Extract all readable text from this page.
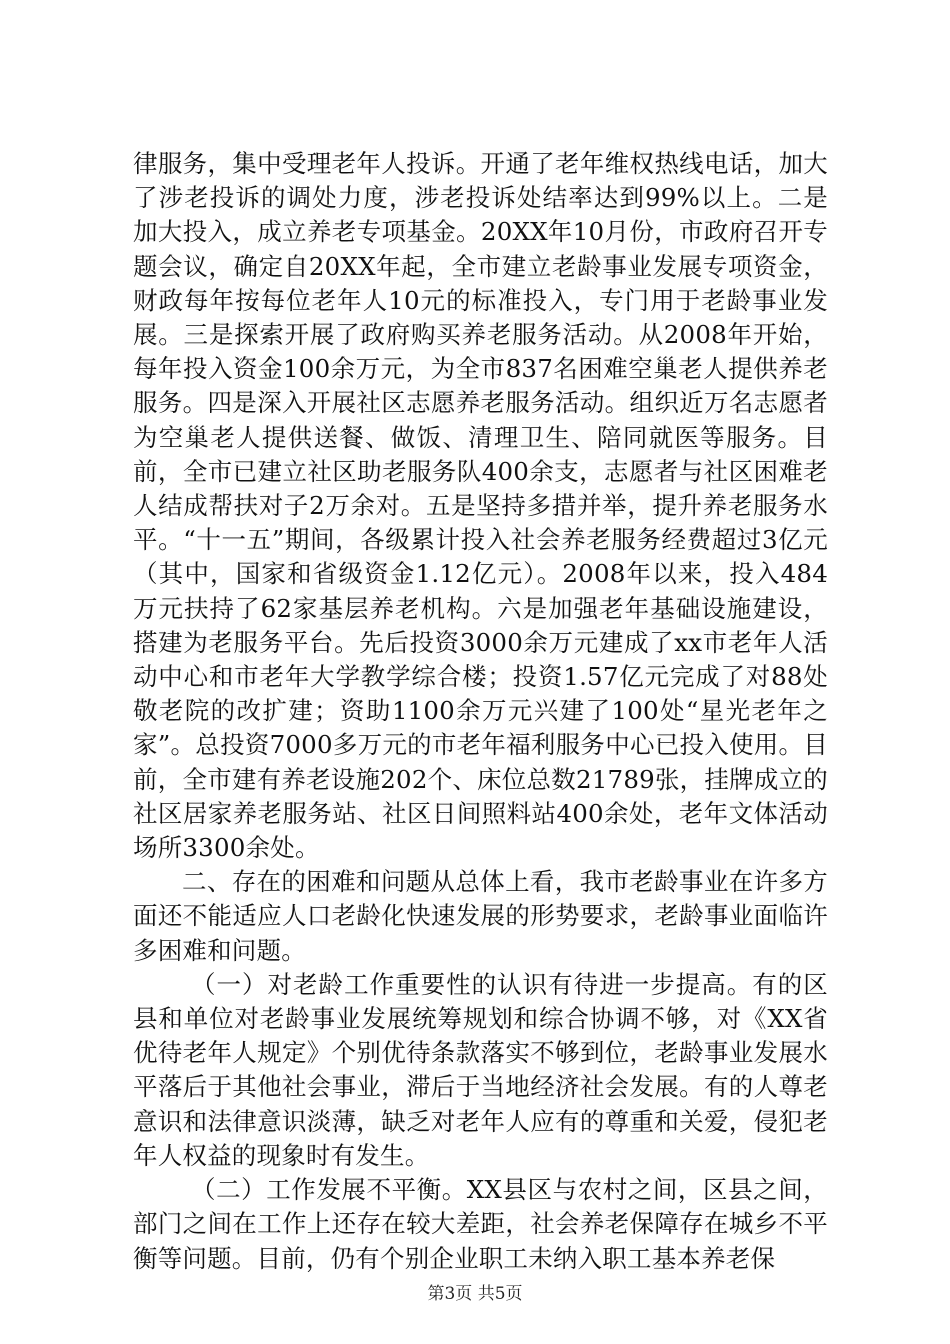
律服务，集中受理老年人投诉。开通了老年维权热线电话，加大了涉老投诉的调处力度，涉老投诉处结率达到99%以上。二是加大投入，成立养老专项基金。20XX年10月份，市政府召开专题会议，确定自20XX年起，全市建立老龄事业发展专项资金，财政每年按每位老年人10元的标准投入，专门用于老龄事业发展。三是探索开展了政府购买养老服务活动。从2008年开始，每年投入资金100余万元，为全市837名困难空巢老人提供养老服务。四是深入开展社区志愿养老服务活动。组织近万名志愿者为空巢老人提供送餐、做饭、清理卫生、陪同就医等服务。目前，全市已建立社区助老服务队400余支，志愿者与社区困难老人结成帮扶对子2万余对。五是坚持多措并举，提升养老服务水平。“十一五”期间，各级累计投入社会养老服务经费超过3亿元（其中，国家和省级资金1.12亿元）。2008年以来，投入484万元扶持了62家基层养老机构。六是加强老年基础设施建设，搭建为老服务平台。先后投资3000余万元建成了xx市老年人活动中心和市老年大学教学综合楼；投资1.57亿元完成了对88处敬老院的改扩建；资助1100余万元兴建了100处“星光老年之家”。总投资7000多万元的市老年福利服务中心已投入使用。目前，全市建有养老设施202个、床位总数21789张，挂牌成立的社区居家养老服务站、社区日间照料站400余处，老年文体活动场所3300余处。

二、存在的困难和问题从总体上看，我市老龄事业在许多方面还不能适应人口老龄化快速发展的形势要求，老龄事业面临许多困难和问题。

（一）对老龄工作重要性的认识有待进一步提高。有的区县和单位对老龄事业发展统筹规划和综合协调不够，对《XX省优待老年人规定》个别优待条款落实不够到位，老龄事业发展水平落后于其他社会事业，滞后于当地经济社会发展。有的人尊老意识和法律意识淡薄，缺乏对老年人应有的尊重和关爱，侵犯老年人权益的现象时有发生。

（二）工作发展不平衡。XX县区与农村之间，区县之间，部门之间在工作上还存在较大差距，社会养老保障存在城乡不平衡等问题。目前，仍有个别企业职工未纳入职工基本养老保

第3页 共5页
